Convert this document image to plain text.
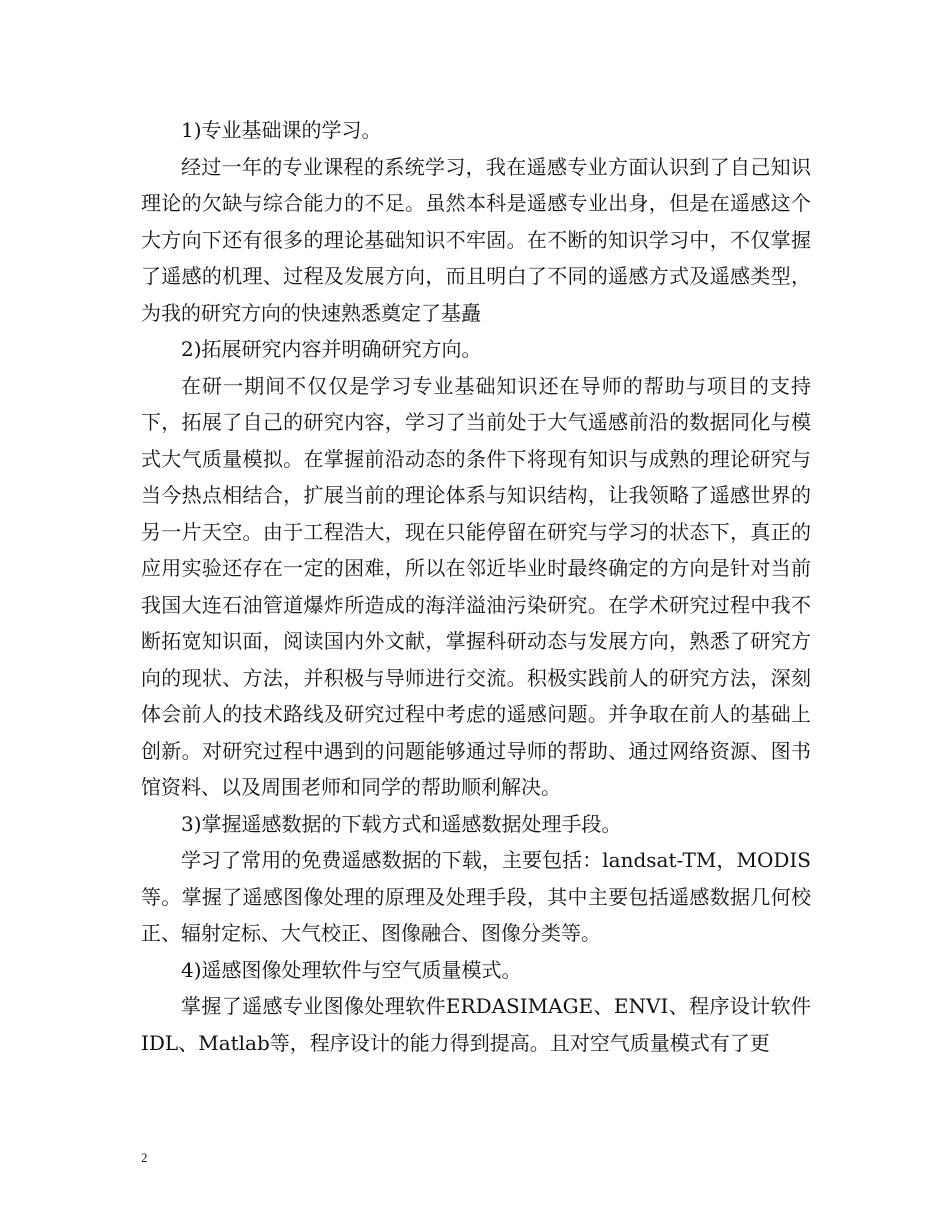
1)专业基础课的学习。

经过一年的专业课程的系统学习，我在遥感专业方面认识到了自己知识理论的欠缺与综合能力的不足。虽然本科是遥感专业出身，但是在遥感这个大方向下还有很多的理论基础知识不牢固。在不断的知识学习中，不仅掌握了遥感的机理、过程及发展方向，而且明白了不同的遥感方式及遥感类型，为我的研究方向的快速熟悉奠定了基矗

2)拓展研究内容并明确研究方向。

在研一期间不仅仅是学习专业基础知识还在导师的帮助与项目的支持下，拓展了自己的研究内容，学习了当前处于大气遥感前沿的数据同化与模式大气质量模拟。在掌握前沿动态的条件下将现有知识与成熟的理论研究与当今热点相结合，扩展当前的理论体系与知识结构，让我领略了遥感世界的另一片天空。由于工程浩大，现在只能停留在研究与学习的状态下，真正的应用实验还存在一定的困难，所以在邻近毕业时最终确定的方向是针对当前我国大连石油管道爆炸所造成的海洋溢油污染研究。在学术研究过程中我不断拓宽知识面，阅读国内外文献，掌握科研动态与发展方向，熟悉了研究方向的现状、方法，并积极与导师进行交流。积极实践前人的研究方法，深刻体会前人的技术路线及研究过程中考虑的遥感问题。并争取在前人的基础上创新。对研究过程中遇到的问题能够通过导师的帮助、通过网络资源、图书馆资料、以及周围老师和同学的帮助顺利解决。

3)掌握遥感数据的下载方式和遥感数据处理手段。

学习了常用的免费遥感数据的下载，主要包括：landsat-TM，MODIS等。掌握了遥感图像处理的原理及处理手段，其中主要包括遥感数据几何校正、辐射定标、大气校正、图像融合、图像分类等。

4)遥感图像处理软件与空气质量模式。

掌握了遥感专业图像处理软件ERDASIMAGE、ENVI、程序设计软件IDL、Matlab等，程序设计的能力得到提高。且对空气质量模式有了更

2
